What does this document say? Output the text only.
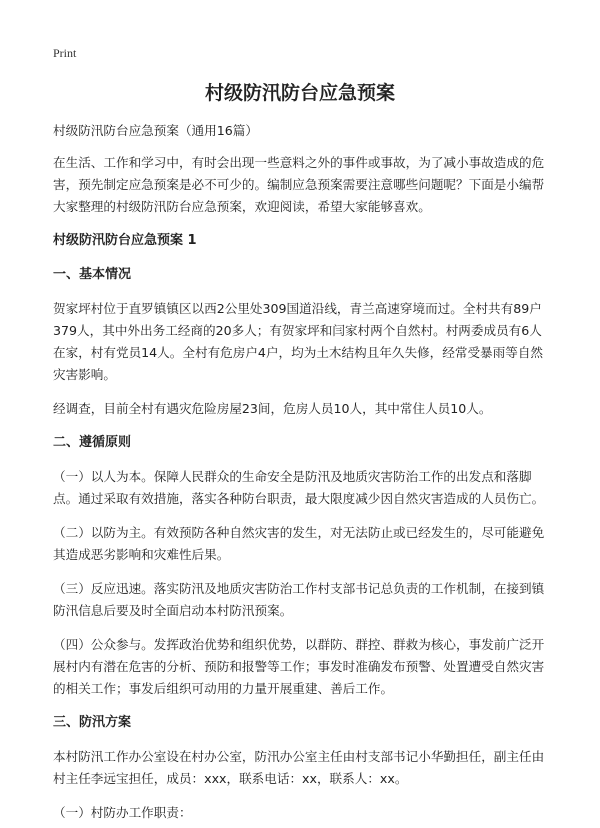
Print
村级防汛防台应急预案

村级防汛防台应急预案（通用16篇）

在生活、工作和学习中，有时会出现一些意料之外的事件或事故，为了减小事故造成的危害，预先制定应急预案是必不可少的。编制应急预案需要注意哪些问题呢？下面是小编帮大家整理的村级防汛防台应急预案，欢迎阅读，希望大家能够喜欢。

村级防汛防台应急预案 1
一、基本情况

贺家坪村位于直罗镇镇区以西2公里处309国道沿线，青兰高速穿境而过。全村共有89户379人，其中外出务工经商的20多人；有贺家坪和闫家村两个自然村。村两委成员有6人在家，村有党员14人。全村有危房户4户，均为土木结构且年久失修，经常受暴雨等自然灾害影响。

经调查，目前全村有遇灾危险房屋23间，危房人员10人，其中常住人员10人。

二、遵循原则

（一）以人为本。保障人民群众的生命安全是防汛及地质灾害防治工作的出发点和落脚点。通过采取有效措施，落实各种防台职责，最大限度减少因自然灾害造成的人员伤亡。

（二）以防为主。有效预防各种自然灾害的发生，对无法防止或已经发生的，尽可能避免其造成恶劣影响和灾难性后果。

（三）反应迅速。落实防汛及地质灾害防治工作村支部书记总负责的工作机制，在接到镇防汛信息后要及时全面启动本村防汛预案。

（四）公众参与。发挥政治优势和组织优势，以群防、群控、群救为核心，事发前广泛开展村内有潜在危害的分析、预防和报警等工作；事发时准确发布预警、处置遭受自然灾害的相关工作；事发后组织可动用的力量开展重建、善后工作。

三、防汛方案

本村防汛工作办公室设在村办公室，防汛办公室主任由村支部书记小华勤担任，副主任由村主任李远宝担任，成员：xxx，联系电话：xx，联系人：xx。

（一）村防办工作职责：
